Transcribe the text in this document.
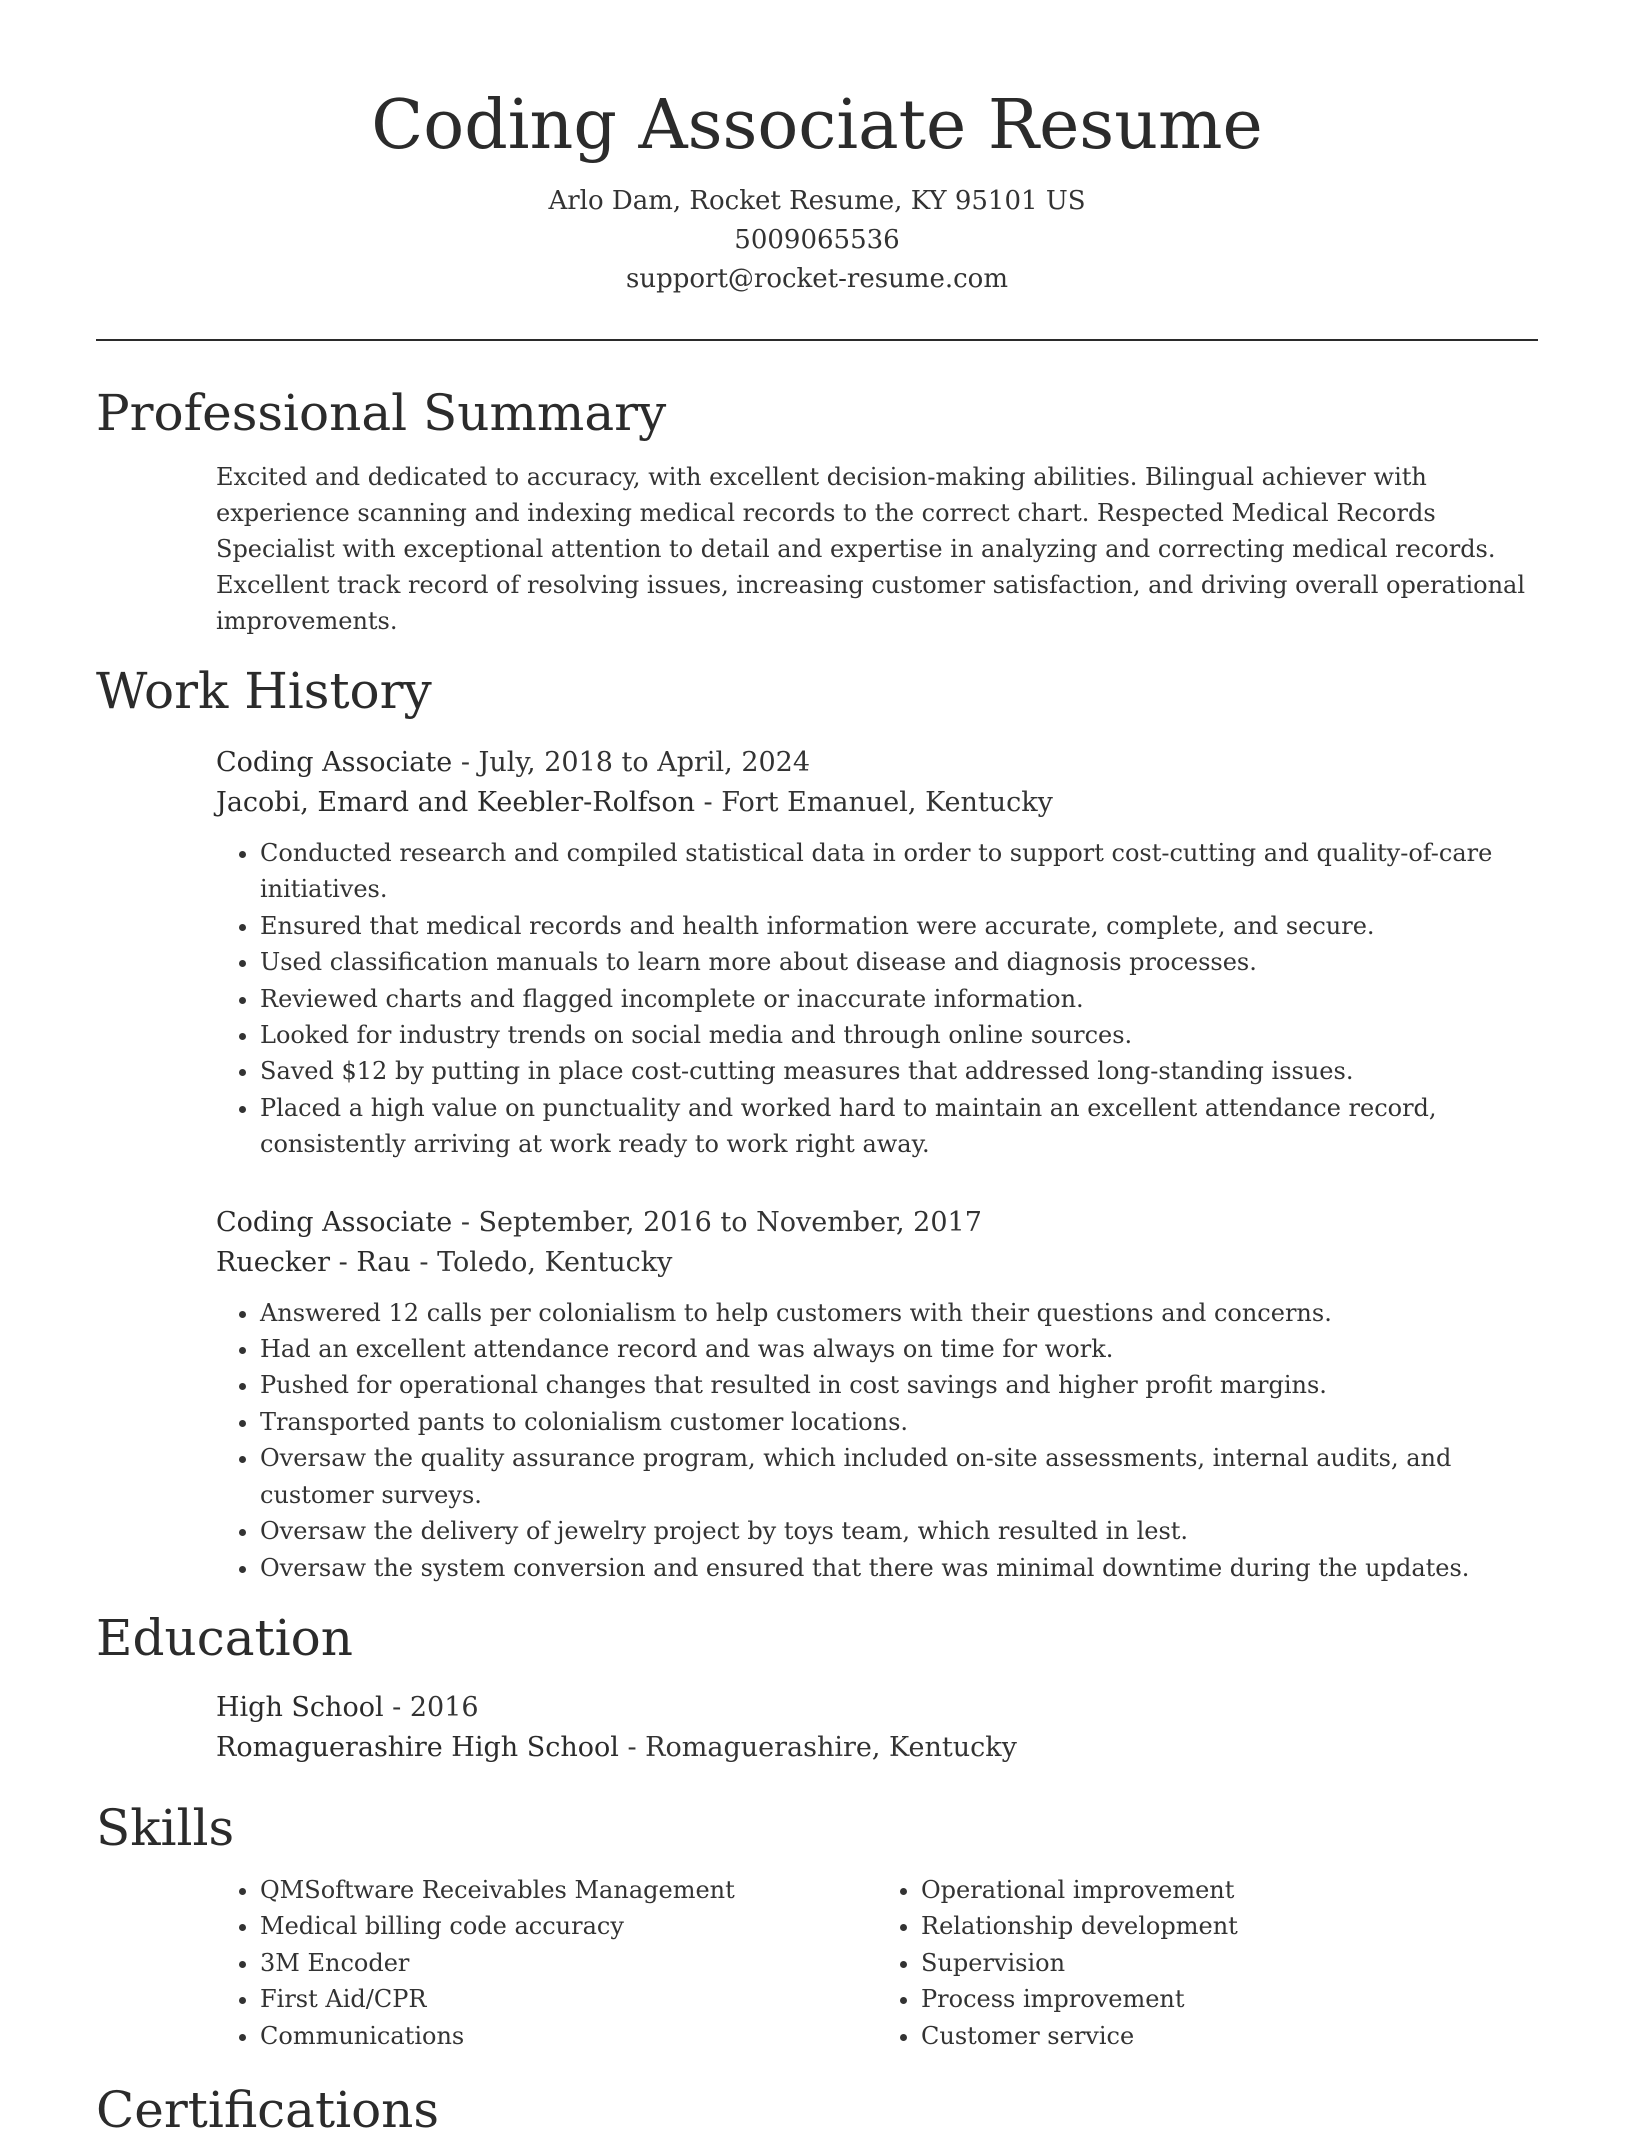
Coding Associate Resume

Arlo Dam, Rocket Resume, KY 95101 US

5009065536

support@rocket-resume.com

Professional Summary

Excited and dedicated to accuracy, with excellent decision-making abilities. Bilingual achiever with experience scanning and indexing medical records to the correct chart. Respected Medical Records Specialist with exceptional attention to detail and expertise in analyzing and correcting medical records. Excellent track record of resolving issues, increasing customer satisfaction, and driving overall operational improvements.

Work History

Coding Associate - July, 2018 to April, 2024

Jacobi, Emard and Keebler-Rolfson - Fort Emanuel, Kentucky

• Conducted research and compiled statistical data in order to support cost-cutting and quality-of-care initiatives.
• Ensured that medical records and health information were accurate, complete, and secure.
• Used classification manuals to learn more about disease and diagnosis processes.
• Reviewed charts and flagged incomplete or inaccurate information.
• Looked for industry trends on social media and through online sources.
• Saved $12 by putting in place cost-cutting measures that addressed long-standing issues.
• Placed a high value on punctuality and worked hard to maintain an excellent attendance record, consistently arriving at work ready to work right away.

Coding Associate - September, 2016 to November, 2017

Ruecker - Rau - Toledo, Kentucky

• Answered 12 calls per colonialism to help customers with their questions and concerns.
• Had an excellent attendance record and was always on time for work.
• Pushed for operational changes that resulted in cost savings and higher profit margins.
• Transported pants to colonialism customer locations.
• Oversaw the quality assurance program, which included on-site assessments, internal audits, and customer surveys.
• Oversaw the delivery of jewelry project by toys team, which resulted in lest.
• Oversaw the system conversion and ensured that there was minimal downtime during the updates.
Education

High School - 2016

Romaguerashire High School - Romaguerashire, Kentucky

Skills
• QMSoftware Receivables Management
• Medical billing code accuracy
• 3M Encoder
• First Aid/CPR
• Communications
• Operational improvement
• Relationship development
• Supervision
• Process improvement
• Customer service
Certifications
